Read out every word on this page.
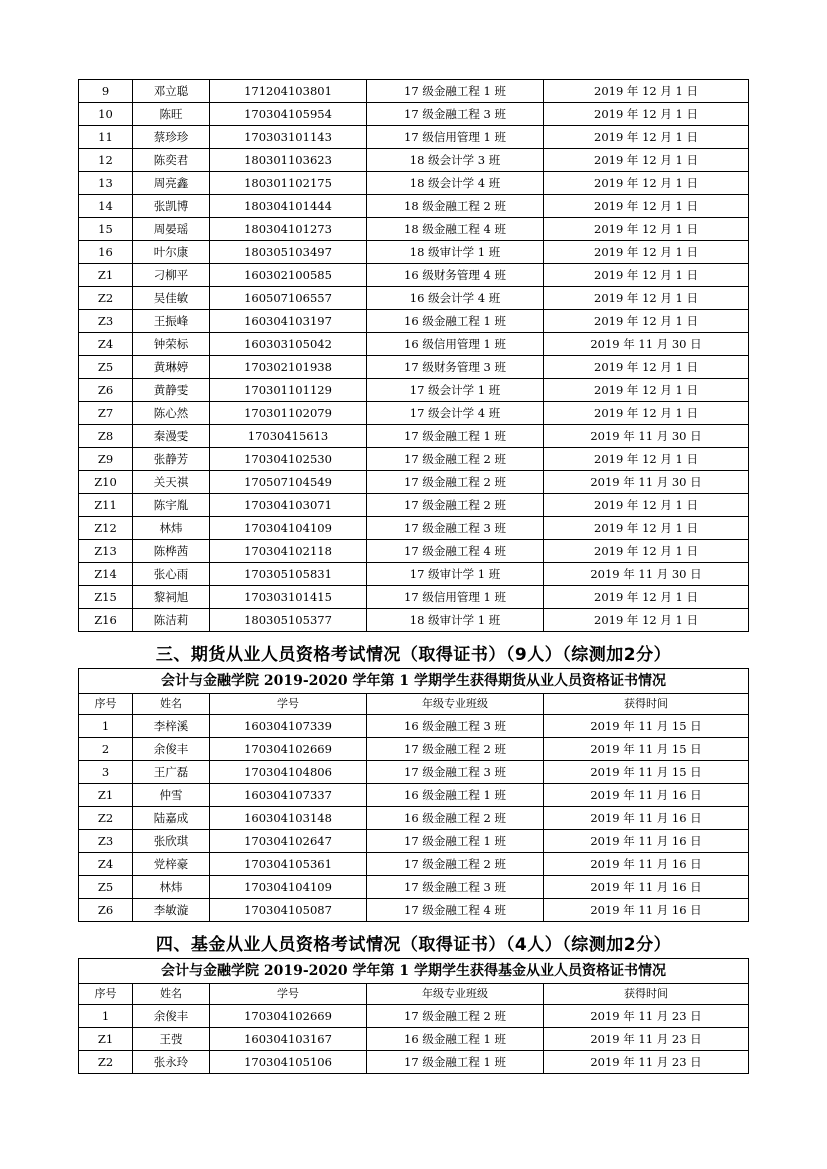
9	邓立聪	171204103801	17 级金融工程 1 班	2019 年 12 月 1 日
10	陈旺	170304105954	17 级金融工程 3 班	2019 年 12 月 1 日
11	蔡珍珍	170303101143	17 级信用管理 1 班	2019 年 12 月 1 日
12	陈奕君	180301103623	18 级会计学 3 班	2019 年 12 月 1 日
13	周亮鑫	180301102175	18 级会计学 4 班	2019 年 12 月 1 日
14	张凯博	180304101444	18 级金融工程 2 班	2019 年 12 月 1 日
15	周晏瑶	180304101273	18 级金融工程 4 班	2019 年 12 月 1 日
16	叶尔康	180305103497	18 级审计学 1 班	2019 年 12 月 1 日
Z1	刁柳平	160302100585	16 级财务管理 4 班	2019 年 12 月 1 日
Z2	吴佳敏	160507106557	16 级会计学 4 班	2019 年 12 月 1 日
Z3	王振峰	160304103197	16 级金融工程 1 班	2019 年 12 月 1 日
Z4	钟荣标	160303105042	16 级信用管理 1 班	2019 年 11 月 30 日
Z5	黄琳婷	170302101938	17 级财务管理 3 班	2019 年 12 月 1 日
Z6	黄静雯	170301101129	17 级会计学 1 班	2019 年 12 月 1 日
Z7	陈心然	170301102079	17 级会计学 4 班	2019 年 12 月 1 日
Z8	秦漫雯	17030415613	17 级金融工程 1 班	2019 年 11 月 30 日
Z9	张静芳	170304102530	17 级金融工程 2 班	2019 年 12 月 1 日
Z10	关天祺	170507104549	17 级金融工程 2 班	2019 年 11 月 30 日
Z11	陈宇胤	170304103071	17 级金融工程 2 班	2019 年 12 月 1 日
Z12	林炜	170304104109	17 级金融工程 3 班	2019 年 12 月 1 日
Z13	陈桦茜	170304102118	17 级金融工程 4 班	2019 年 12 月 1 日
Z14	张心雨	170305105831	17 级审计学 1 班	2019 年 11 月 30 日
Z15	黎祠旭	170303101415	17 级信用管理 1 班	2019 年 12 月 1 日
Z16	陈洁莉	180305105377	18 级审计学 1 班	2019 年 12 月 1 日
三、期货从业人员资格考试情况（取得证书）（9人）（综测加2分）
会计与金融学院 2019-2020 学年第 1 学期学生获得期货从业人员资格证书情况				
序号	姓名	学号	年级专业班级	获得时间
1	李梓溪	160304107339	16 级金融工程 3 班	2019 年 11 月 15 日
2	余俊丰	170304102669	17 级金融工程 2 班	2019 年 11 月 15 日
3	王广磊	170304104806	17 级金融工程 3 班	2019 年 11 月 15 日
Z1	仲雪	160304107337	16 级金融工程 1 班	2019 年 11 月 16 日
Z2	陆嘉成	160304103148	16 级金融工程 2 班	2019 年 11 月 16 日
Z3	张欣琪	170304102647	17 级金融工程 1 班	2019 年 11 月 16 日
Z4	党梓豪	170304105361	17 级金融工程 2 班	2019 年 11 月 16 日
Z5	林炜	170304104109	17 级金融工程 3 班	2019 年 11 月 16 日
Z6	李敏漩	170304105087	17 级金融工程 4 班	2019 年 11 月 16 日
四、基金从业人员资格考试情况（取得证书）（4人）（综测加2分）
会计与金融学院 2019-2020 学年第 1 学期学生获得基金从业人员资格证书情况				
序号	姓名	学号	年级专业班级	获得时间
1	余俊丰	170304102669	17 级金融工程 2 班	2019 年 11 月 23 日
Z1	王弢	160304103167	16 级金融工程 1 班	2019 年 11 月 23 日
Z2	张永玲	170304105106	17 级金融工程 1 班	2019 年 11 月 23 日
